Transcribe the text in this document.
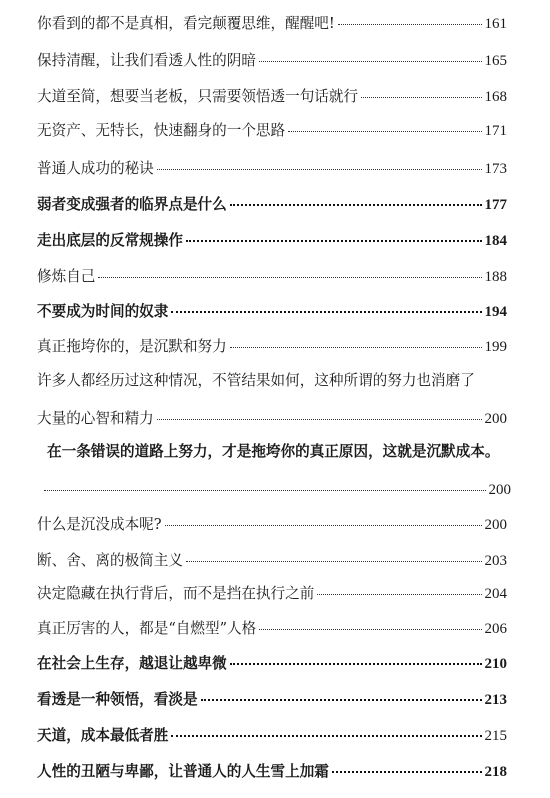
你看到的都不是真相，看完颠覆思维，醒醒吧!	161
保持清醒，让我们看透人性的阴暗	165
大道至简，想要当老板，只需要领悟透一句话就行	168
无资产、无特长，快速翻身的一个思路	171
普通人成功的秘诀	173
弱者变成强者的临界点是什么	177
走出底层的反常规操作	184
修炼自己	188
不要成为时间的奴隶	194
真正拖垮你的，是沉默和努力	199
许多人都经历过这种情况，不管结果如何，这种所谓的努力也消磨了
大量的心智和精力	200
在一条错误的道路上努力，才是拖垮你的真正原因，这就是沉默成本。
200
什么是沉没成本呢?	200
断、舍、离的极简主义	203
决定隐藏在执行背后，而不是挡在执行之前	204
真正厉害的人，都是“自燃型”人格	206
在社会上生存，越退让越卑微	210
看透是一种领悟，看淡是	213
天道，成本最低者胜	215
人性的丑陋与卑鄙，让普通人的人生雪上加霜	218
